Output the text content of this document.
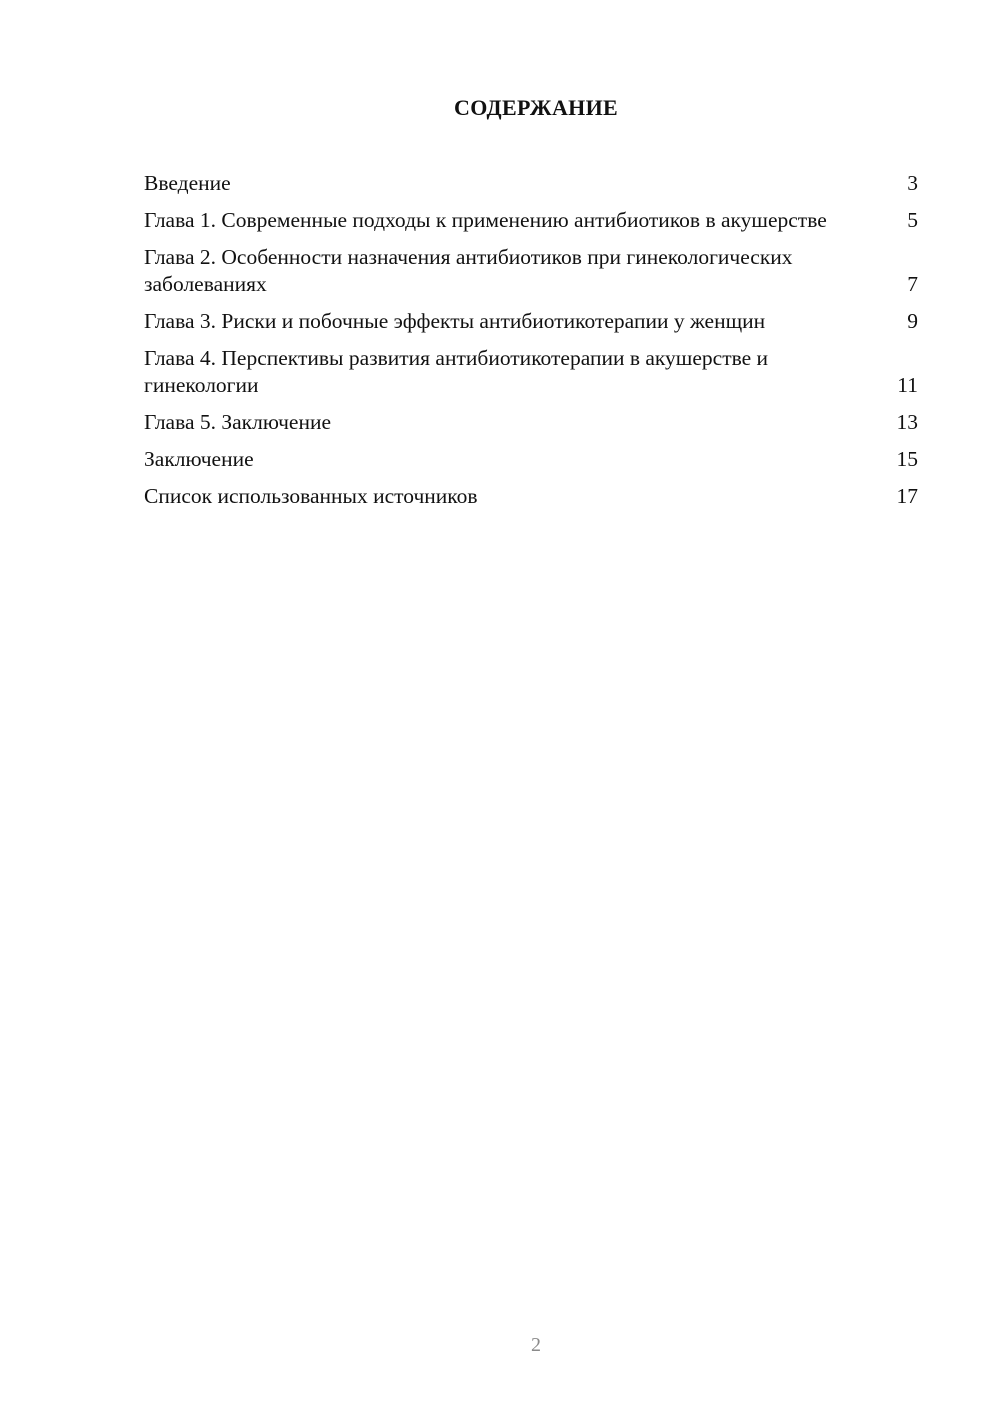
СОДЕРЖАНИЕ
Введение	3
Глава 1. Современные подходы к применению антибиотиков в акушерстве	5
Глава 2. Особенности назначения антибиотиков при гинекологических заболеваниях	7
Глава 3. Риски и побочные эффекты антибиотикотерапии у женщин	9
Глава 4. Перспективы развития антибиотикотерапии в акушерстве и гинекологии	11
Глава 5. Заключение	13
Заключение	15
Список использованных источников	17
2
